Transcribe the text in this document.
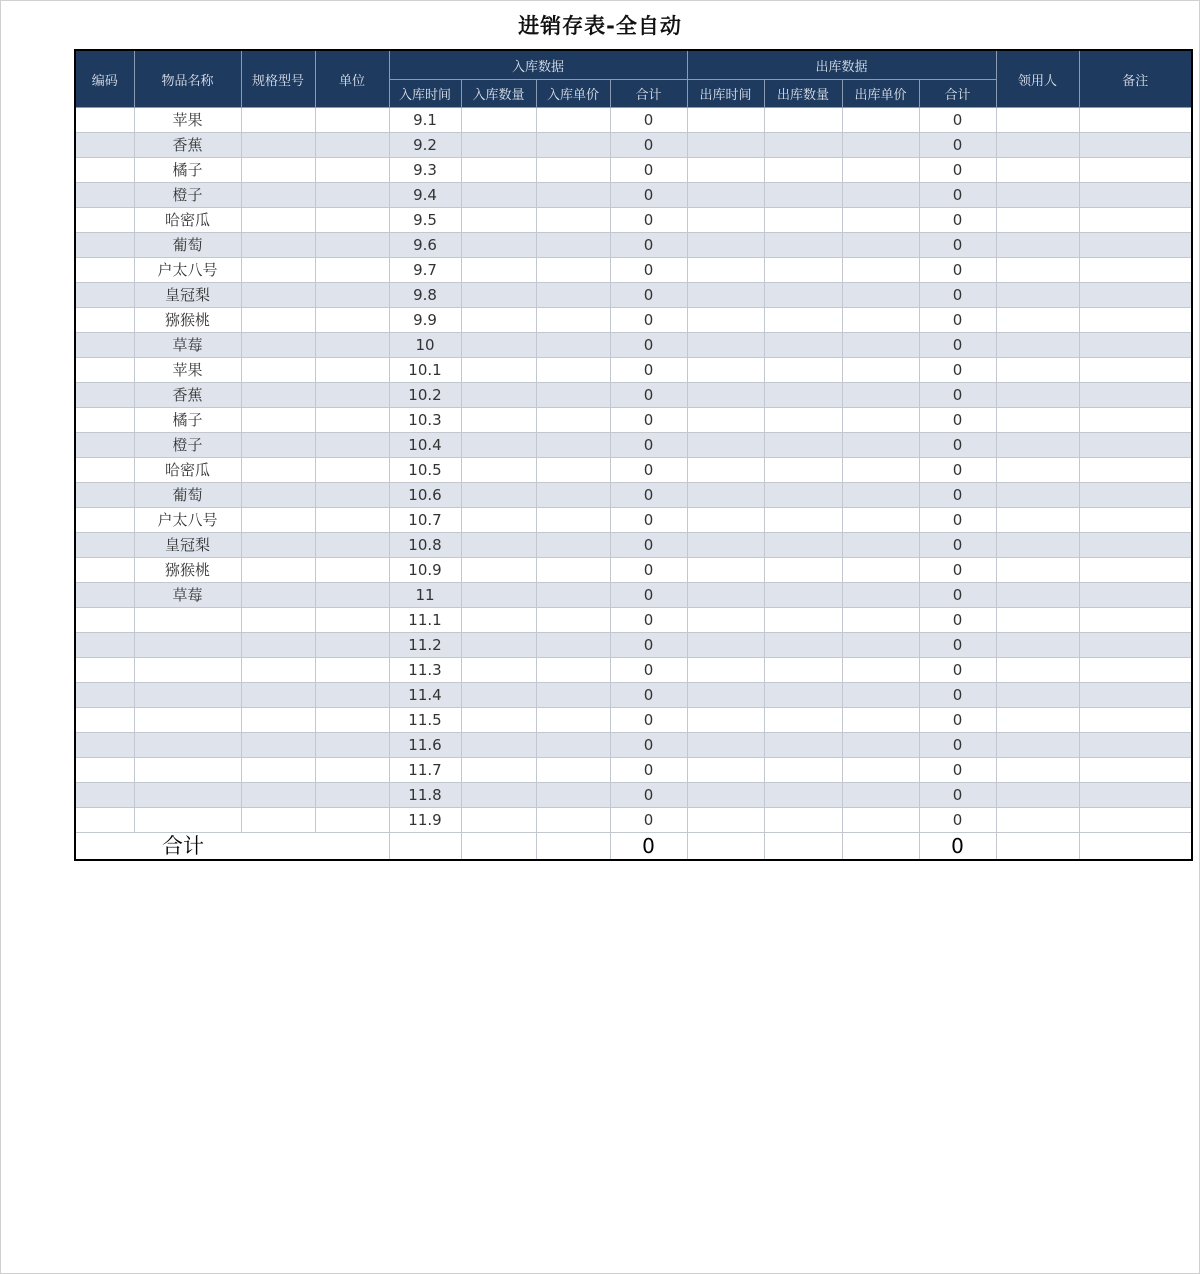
进销存表-全自动
编码	物品名称	规格型号	单位	入库数据				出库数据				领用人	备注
				入库时间	入库数量	入库单价	合计	出库时间	出库数量	出库单价	合计		
	苹果			9.1			0				0		
	香蕉			9.2			0				0		
	橘子			9.3			0				0		
	橙子			9.4			0				0		
	哈密瓜			9.5			0				0		
	葡萄			9.6			0				0		
	户太八号			9.7			0				0		
	皇冠梨			9.8			0				0		
	猕猴桃			9.9			0				0		
	草莓			10			0				0		
	苹果			10.1			0				0		
	香蕉			10.2			0				0		
	橘子			10.3			0				0		
	橙子			10.4			0				0		
	哈密瓜			10.5			0				0		
	葡萄			10.6			0				0		
	户太八号			10.7			0				0		
	皇冠梨			10.8			0				0		
	猕猴桃			10.9			0				0		
	草莓			11			0				0		
				11.1			0				0		
				11.2			0				0		
				11.3			0				0		
				11.4			0				0		
				11.5			0				0		
				11.6			0				0		
				11.7			0				0		
				11.8			0				0		
				11.9			0				0		
合计							0				0		
